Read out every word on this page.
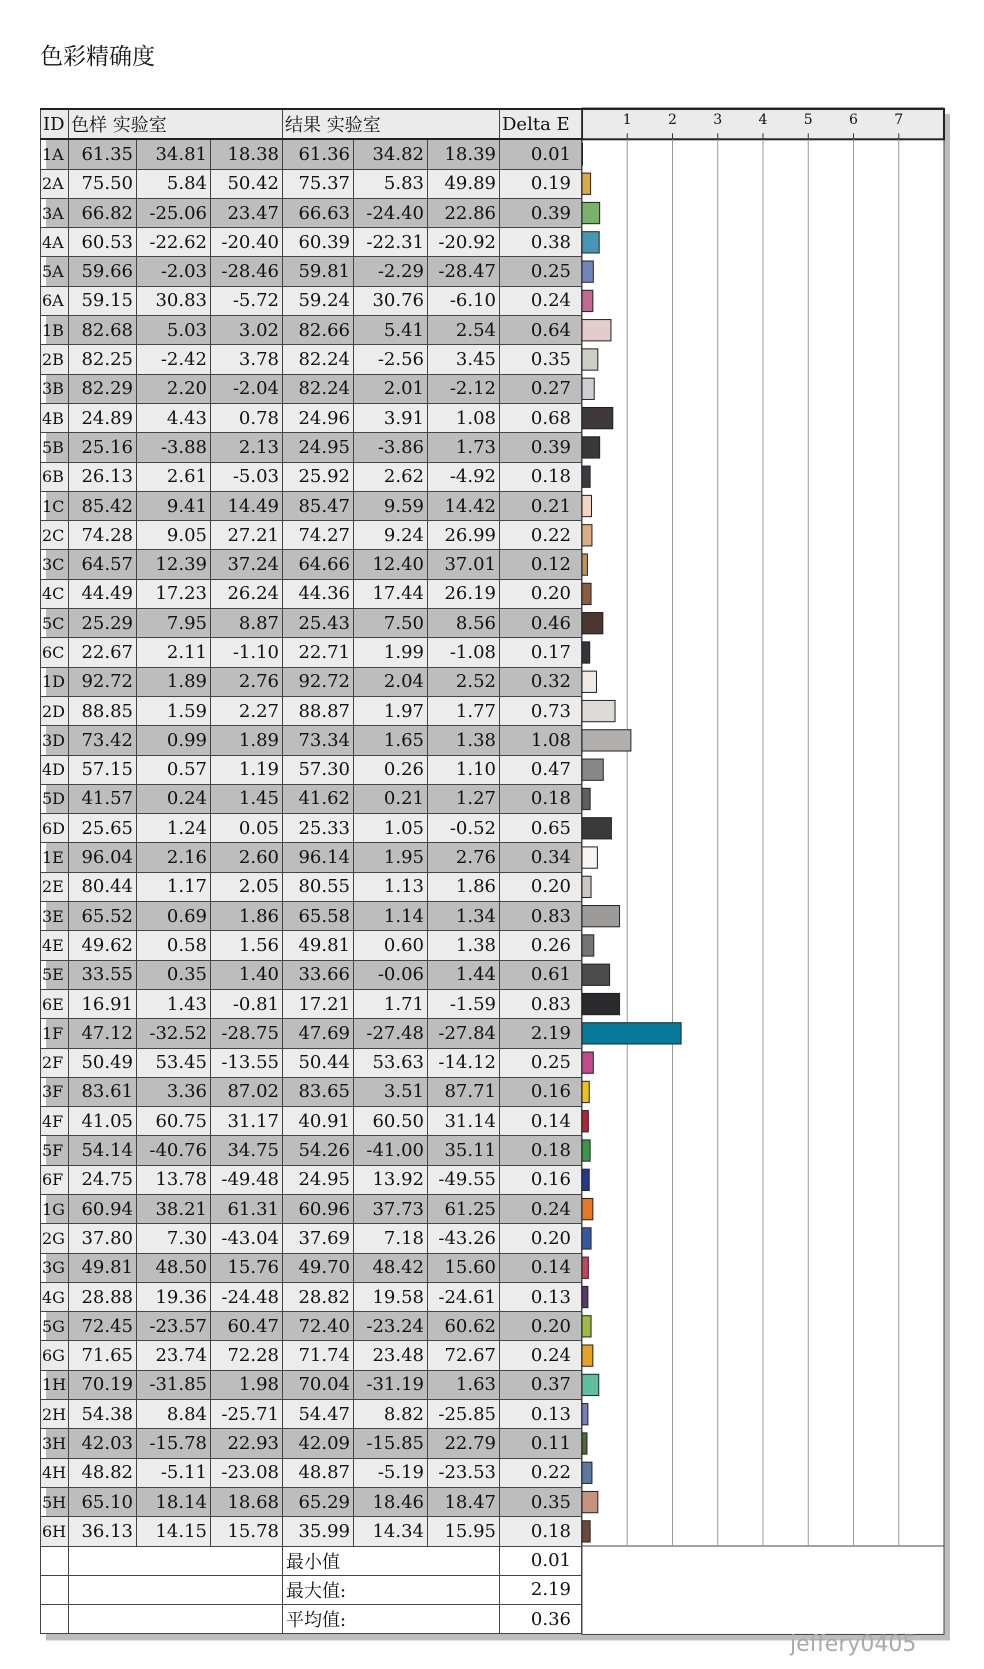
色彩精确度
1	2	3	4	5	6	7
ID	色样 实验室			结果 实验室			Delta E
1A	61.35	34.81	18.38	61.36	34.82	18.39	0.01
2A	75.50	5.84	50.42	75.37	5.83	49.89	0.19
3A	66.82	-25.06	23.47	66.63	-24.40	22.86	0.39
4A	60.53	-22.62	-20.40	60.39	-22.31	-20.92	0.38
5A	59.66	-2.03	-28.46	59.81	-2.29	-28.47	0.25
6A	59.15	30.83	-5.72	59.24	30.76	-6.10	0.24
1B	82.68	5.03	3.02	82.66	5.41	2.54	0.64
2B	82.25	-2.42	3.78	82.24	-2.56	3.45	0.35
3B	82.29	2.20	-2.04	82.24	2.01	-2.12	0.27
4B	24.89	4.43	0.78	24.96	3.91	1.08	0.68
5B	25.16	-3.88	2.13	24.95	-3.86	1.73	0.39
6B	26.13	2.61	-5.03	25.92	2.62	-4.92	0.18
1C	85.42	9.41	14.49	85.47	9.59	14.42	0.21
2C	74.28	9.05	27.21	74.27	9.24	26.99	0.22
3C	64.57	12.39	37.24	64.66	12.40	37.01	0.12
4C	44.49	17.23	26.24	44.36	17.44	26.19	0.20
5C	25.29	7.95	8.87	25.43	7.50	8.56	0.46
6C	22.67	2.11	-1.10	22.71	1.99	-1.08	0.17
1D	92.72	1.89	2.76	92.72	2.04	2.52	0.32
2D	88.85	1.59	2.27	88.87	1.97	1.77	0.73
3D	73.42	0.99	1.89	73.34	1.65	1.38	1.08
4D	57.15	0.57	1.19	57.30	0.26	1.10	0.47
5D	41.57	0.24	1.45	41.62	0.21	1.27	0.18
6D	25.65	1.24	0.05	25.33	1.05	-0.52	0.65
1E	96.04	2.16	2.60	96.14	1.95	2.76	0.34
2E	80.44	1.17	2.05	80.55	1.13	1.86	0.20
3E	65.52	0.69	1.86	65.58	1.14	1.34	0.83
4E	49.62	0.58	1.56	49.81	0.60	1.38	0.26
5E	33.55	0.35	1.40	33.66	-0.06	1.44	0.61
6E	16.91	1.43	-0.81	17.21	1.71	-1.59	0.83
1F	47.12	-32.52	-28.75	47.69	-27.48	-27.84	2.19
2F	50.49	53.45	-13.55	50.44	53.63	-14.12	0.25
3F	83.61	3.36	87.02	83.65	3.51	87.71	0.16
4F	41.05	60.75	31.17	40.91	60.50	31.14	0.14
5F	54.14	-40.76	34.75	54.26	-41.00	35.11	0.18
6F	24.75	13.78	-49.48	24.95	13.92	-49.55	0.16
1G	60.94	38.21	61.31	60.96	37.73	61.25	0.24
2G	37.80	7.30	-43.04	37.69	7.18	-43.26	0.20
3G	49.81	48.50	15.76	49.70	48.42	15.60	0.14
4G	28.88	19.36	-24.48	28.82	19.58	-24.61	0.13
5G	72.45	-23.57	60.47	72.40	-23.24	60.62	0.20
6G	71.65	23.74	72.28	71.74	23.48	72.67	0.24
1H	70.19	-31.85	1.98	70.04	-31.19	1.63	0.37
2H	54.38	8.84	-25.71	54.47	8.82	-25.85	0.13
3H	42.03	-15.78	22.93	42.09	-15.85	22.79	0.11
4H	48.82	-5.11	-23.08	48.87	-5.19	-23.53	0.22
5H	65.10	18.14	18.68	65.29	18.46	18.47	0.35
6H	36.13	14.15	15.78	35.99	14.34	15.95	0.18
				最小值			0.01
				最大值:			2.19
				平均值:			0.36
jeffery0405
